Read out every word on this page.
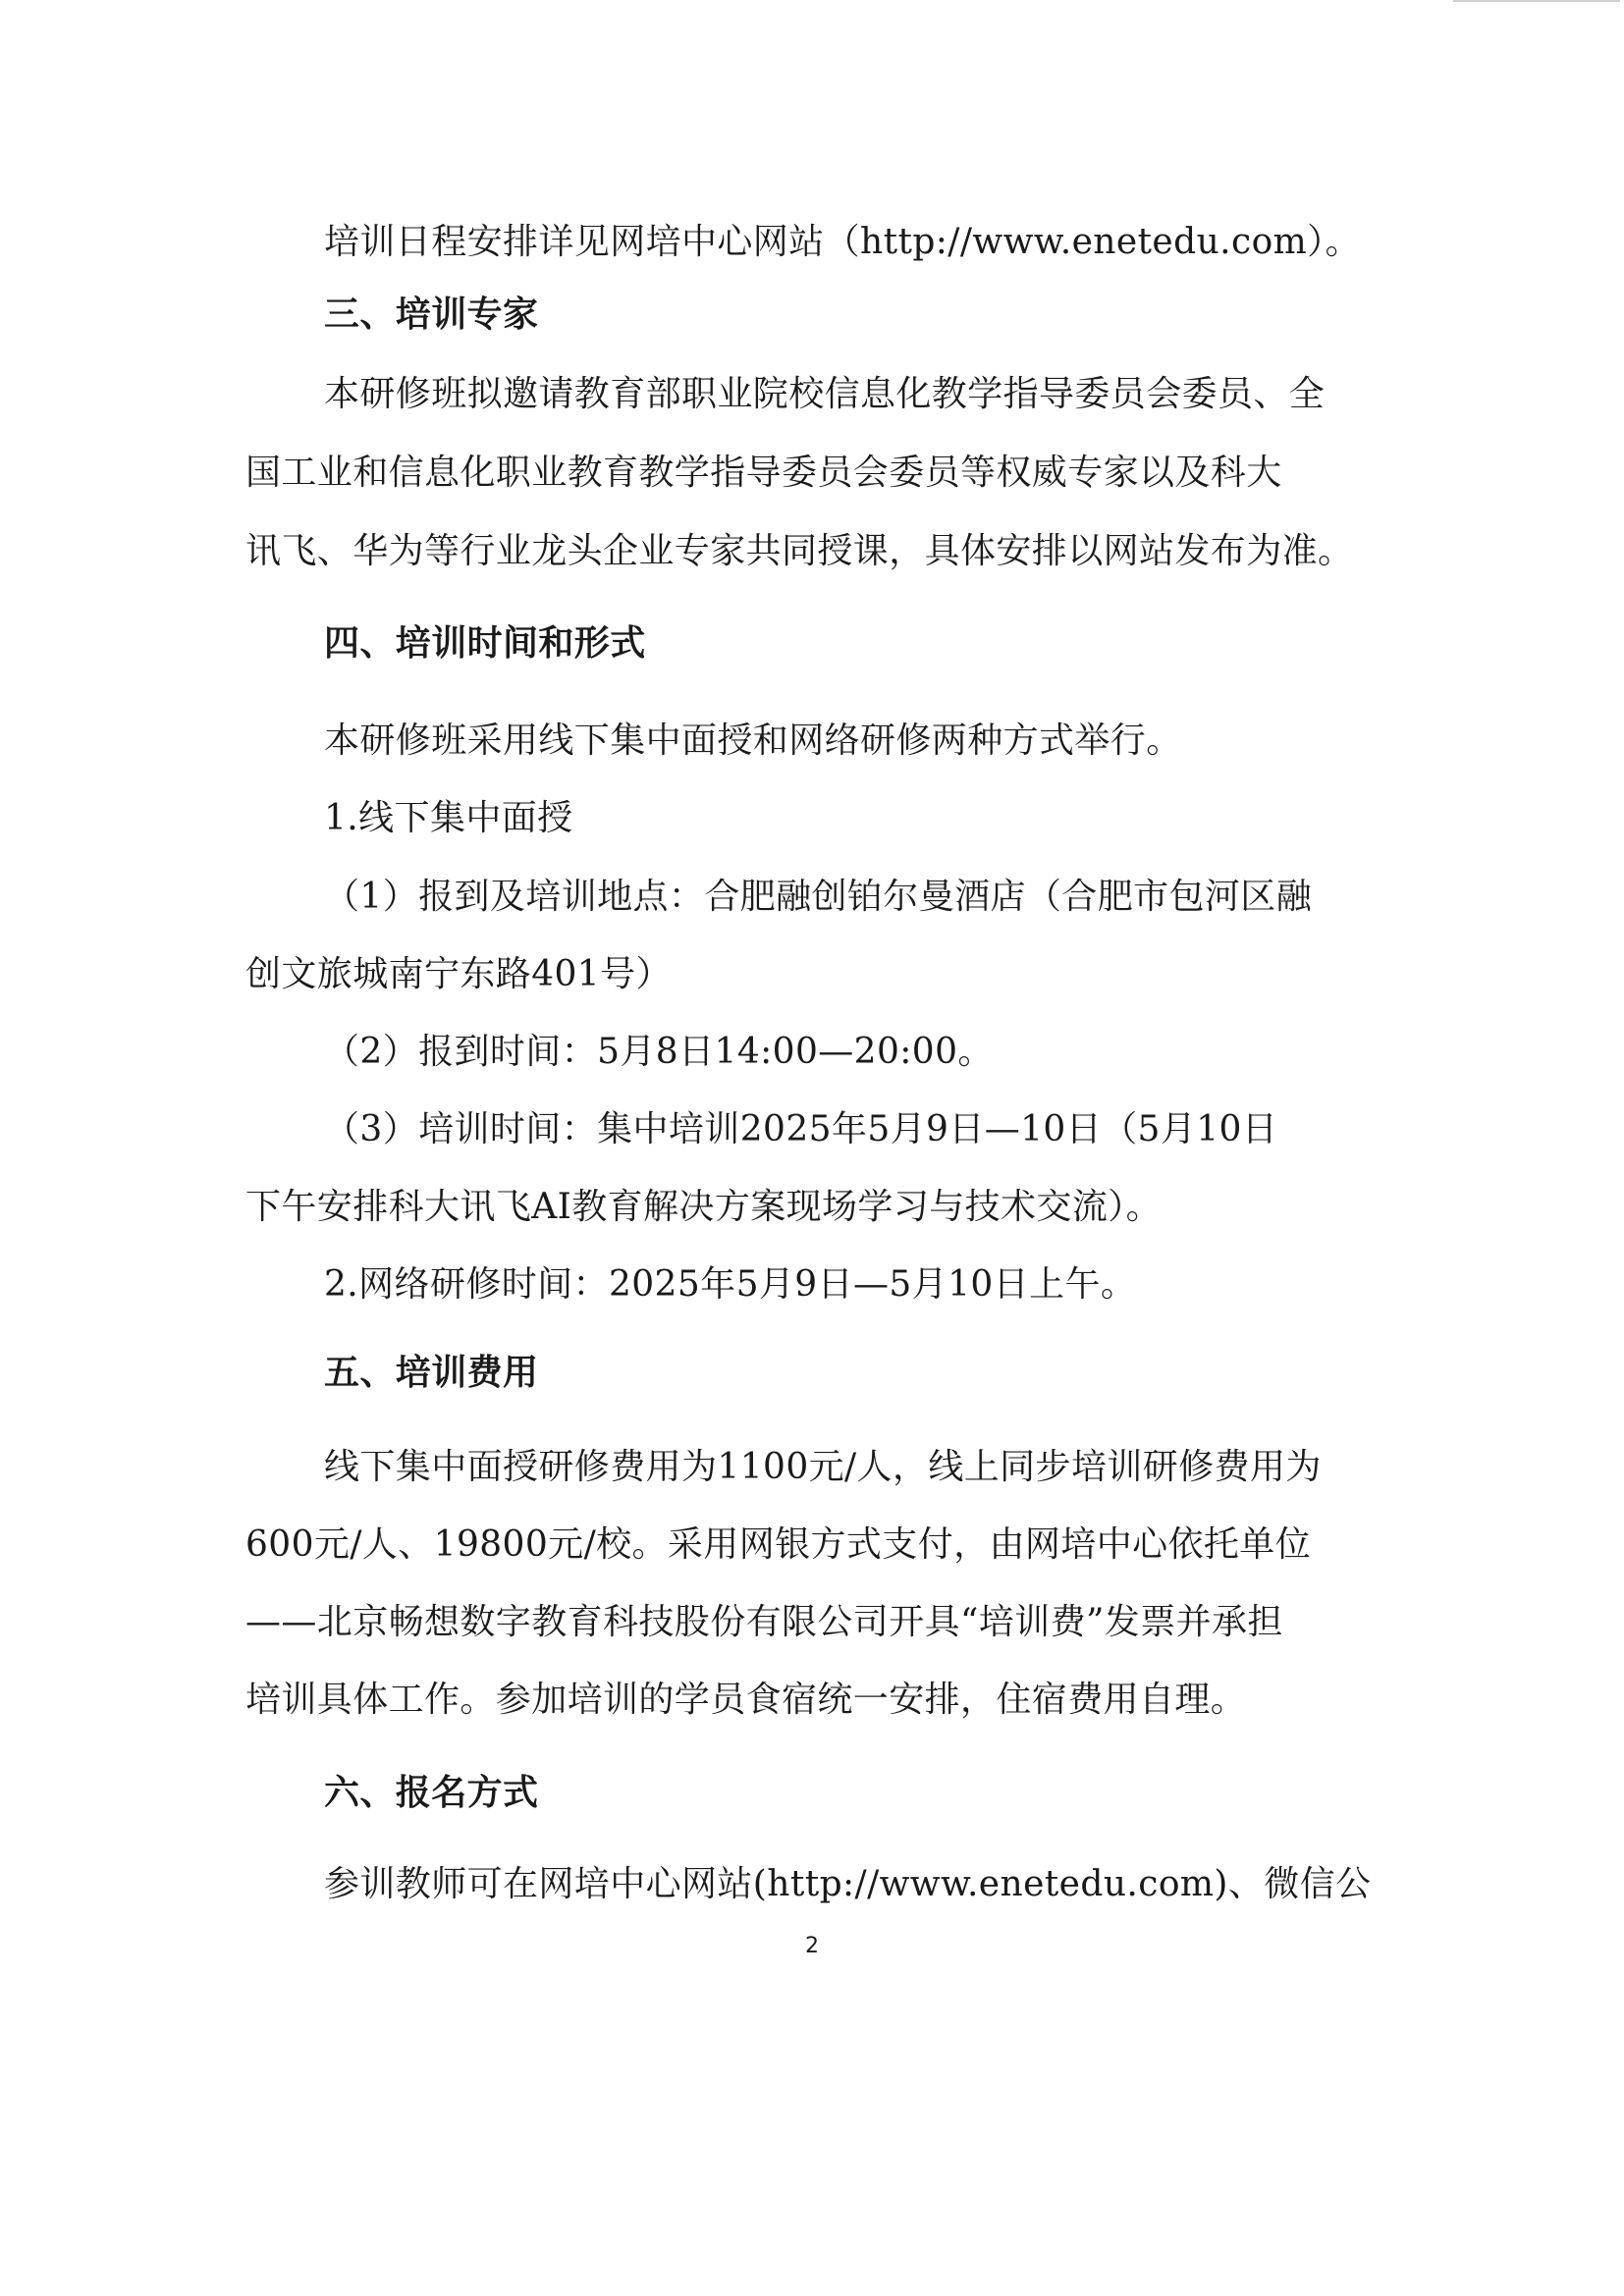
培训日程安排详见网培中心网站（http://www.enetedu.com）。
三、培训专家
本研修班拟邀请教育部职业院校信息化教学指导委员会委员、全
国工业和信息化职业教育教学指导委员会委员等权威专家以及科大
讯飞、华为等行业龙头企业专家共同授课，具体安排以网站发布为准。
四、培训时间和形式
本研修班采用线下集中面授和网络研修两种方式举行。
1.线下集中面授
（1）报到及培训地点：合肥融创铂尔曼酒店（合肥市包河区融
创文旅城南宁东路401号）
（2）报到时间：5月8日14:00—20:00。
（3）培训时间：集中培训2025年5月9日—10日（5月10日
下午安排科大讯飞AI教育解决方案现场学习与技术交流）。
2.网络研修时间：2025年5月9日—5月10日上午。
五、培训费用
线下集中面授研修费用为1100元/人，线上同步培训研修费用为
600元/人、19800元/校。采用网银方式支付，由网培中心依托单位
——北京畅想数字教育科技股份有限公司开具“培训费”发票并承担
培训具体工作。参加培训的学员食宿统一安排，住宿费用自理。
六、报名方式
参训教师可在网培中心网站(http://www.enetedu.com)、微信公
2
